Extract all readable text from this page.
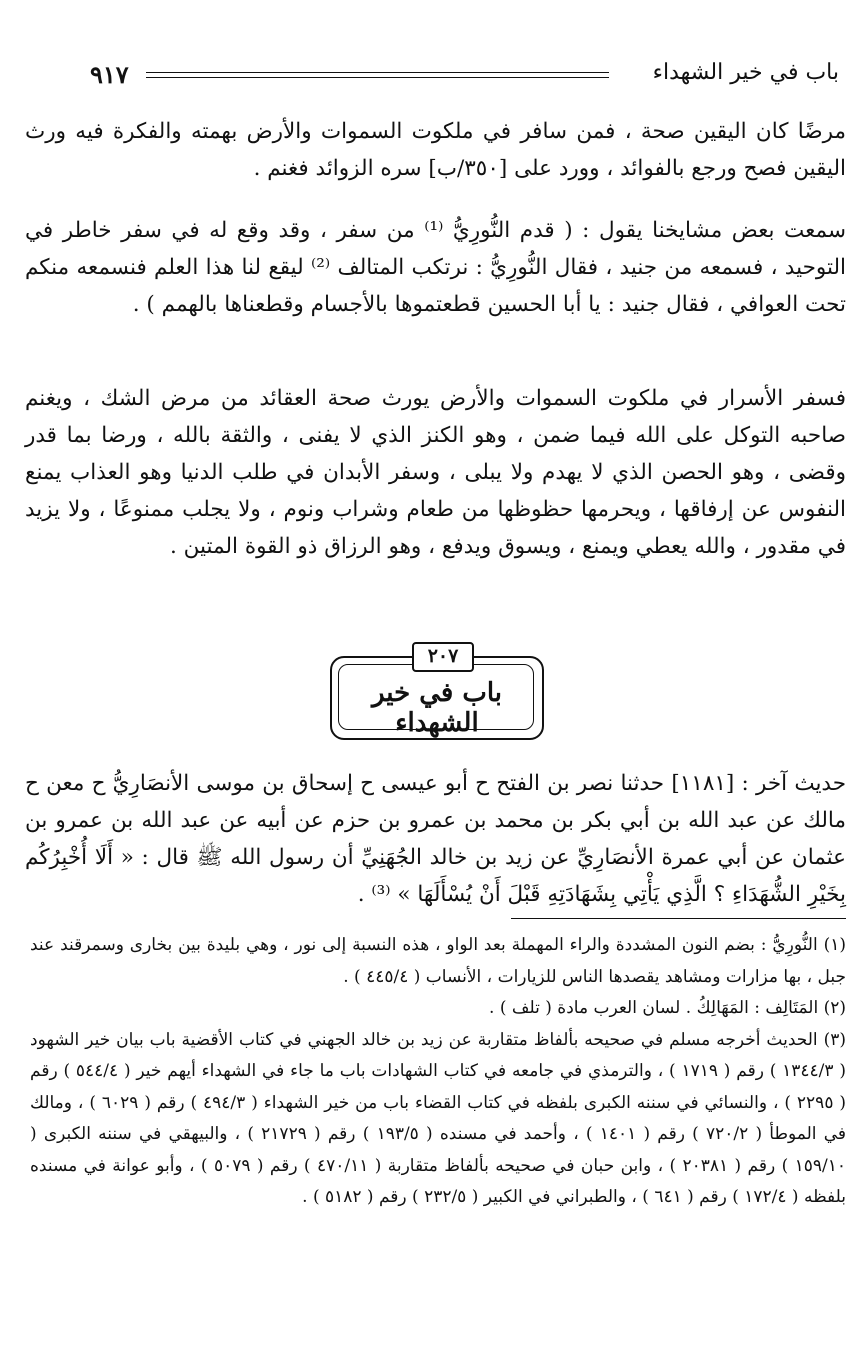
باب في خير الشهداء
٩١٧

مرضًا كان اليقين صحة ، فمن سافر في ملكوت السموات والأرض بهمته والفكرة فيه ورث اليقين فصح ورجع بالفوائد ، وورد على [٣٥٠/ب] سره الزوائد فغنم .

سمعت بعض مشايخنا يقول : ( قدم النُّورِيُّ ⁽¹⁾ من سفر ، وقد وقع له في سفر خاطر في التوحيد ، فسمعه من جنيد ، فقال النُّورِيُّ : نرتكب المتالف ⁽²⁾ ليقع لنا هذا العلم فنسمعه منكم تحت العوافي ، فقال جنيد : يا أبا الحسين قطعتموها بالأجسام وقطعناها بالهمم ) .

فسفر الأسرار في ملكوت السموات والأرض يورث صحة العقائد من مرض الشك ، ويغنم صاحبه التوكل على الله فيما ضمن ، وهو الكنز الذي لا يفنى ، والثقة بالله ، ورضا بما قدر وقضى ، وهو الحصن الذي لا يهدم ولا يبلى ، وسفر الأبدان في طلب الدنيا وهو العذاب يمنع النفوس عن إرفاقها ، ويحرمها حظوظها من طعام وشراب ونوم ، ولا يجلب ممنوعًا ، ولا يزيد في مقدور ، والله يعطي ويمنع ، ويسوق ويدفع ، وهو الرزاق ذو القوة المتين .

٢٠٧
باب في خير الشهداء

حديث آخر : [١١٨١] حدثنا نصر بن الفتح ح أبو عيسى ح إسحاق بن موسى الأنصَارِيُّ ح معن ح مالك عن عبد الله بن أبي بكر بن محمد بن عمرو بن حزم عن أبيه عن عبد الله بن عمرو بن عثمان عن أبي عمرة الأنصَارِيِّ عن زيد بن خالد الجُهَنِيِّ أن رسول الله ﷺ قال : « أَلَا أُخْبِرُكُم بِخَيْرِ الشُّهَدَاءِ ؟ الَّذِي يَأْتِي بِشَهَادَتِهِ قَبْلَ أَنْ يُسْأَلَهَا » ⁽³⁾ .

(١) النُّورِيُّ : بضم النون المشددة والراء المهملة بعد الواو ، هذه النسبة إلى نور ، وهي بليدة بين بخارى وسمرقند عند جبل ، بها مزارات ومشاهد يقصدها الناس للزيارات ، الأنساب ( ٤٤٥/٤ ) .

(٢) المَتَالِف : المَهَالِكُ . لسان العرب مادة ( تلف ) .

(٣) الحديث أخرجه مسلم في صحيحه بألفاظ متقاربة عن زيد بن خالد الجهني في كتاب الأقضية باب بيان خير الشهود ( ١٣٤٤/٣ ) رقم ( ١٧١٩ ) ، والترمذي في جامعه في كتاب الشهادات باب ما جاء في الشهداء أيهم خير ( ٥٤٤/٤ ) رقم ( ٢٢٩٥ ) ، والنسائي في سننه الكبرى بلفظه في كتاب القضاء باب من خير الشهداء ( ٤٩٤/٣ ) رقم ( ٦٠٢٩ ) ، ومالك في الموطأ ( ٧٢٠/٢ ) رقم ( ١٤٠١ ) ، وأحمد في مسنده ( ١٩٣/٥ ) رقم ( ٢١٧٢٩ ) ، والبيهقي في سننه الكبرى ( ١٥٩/١٠ ) رقم ( ٢٠٣٨١ ) ، وابن حبان في صحيحه بألفاظ متقاربة ( ٤٧٠/١١ ) رقم ( ٥٠٧٩ ) ، وأبو عوانة في مسنده بلفظه ( ١٧٢/٤ ) رقم ( ٦٤١ ) ، والطبراني في الكبير ( ٢٣٢/٥ ) رقم ( ٥١٨٢ ) .
